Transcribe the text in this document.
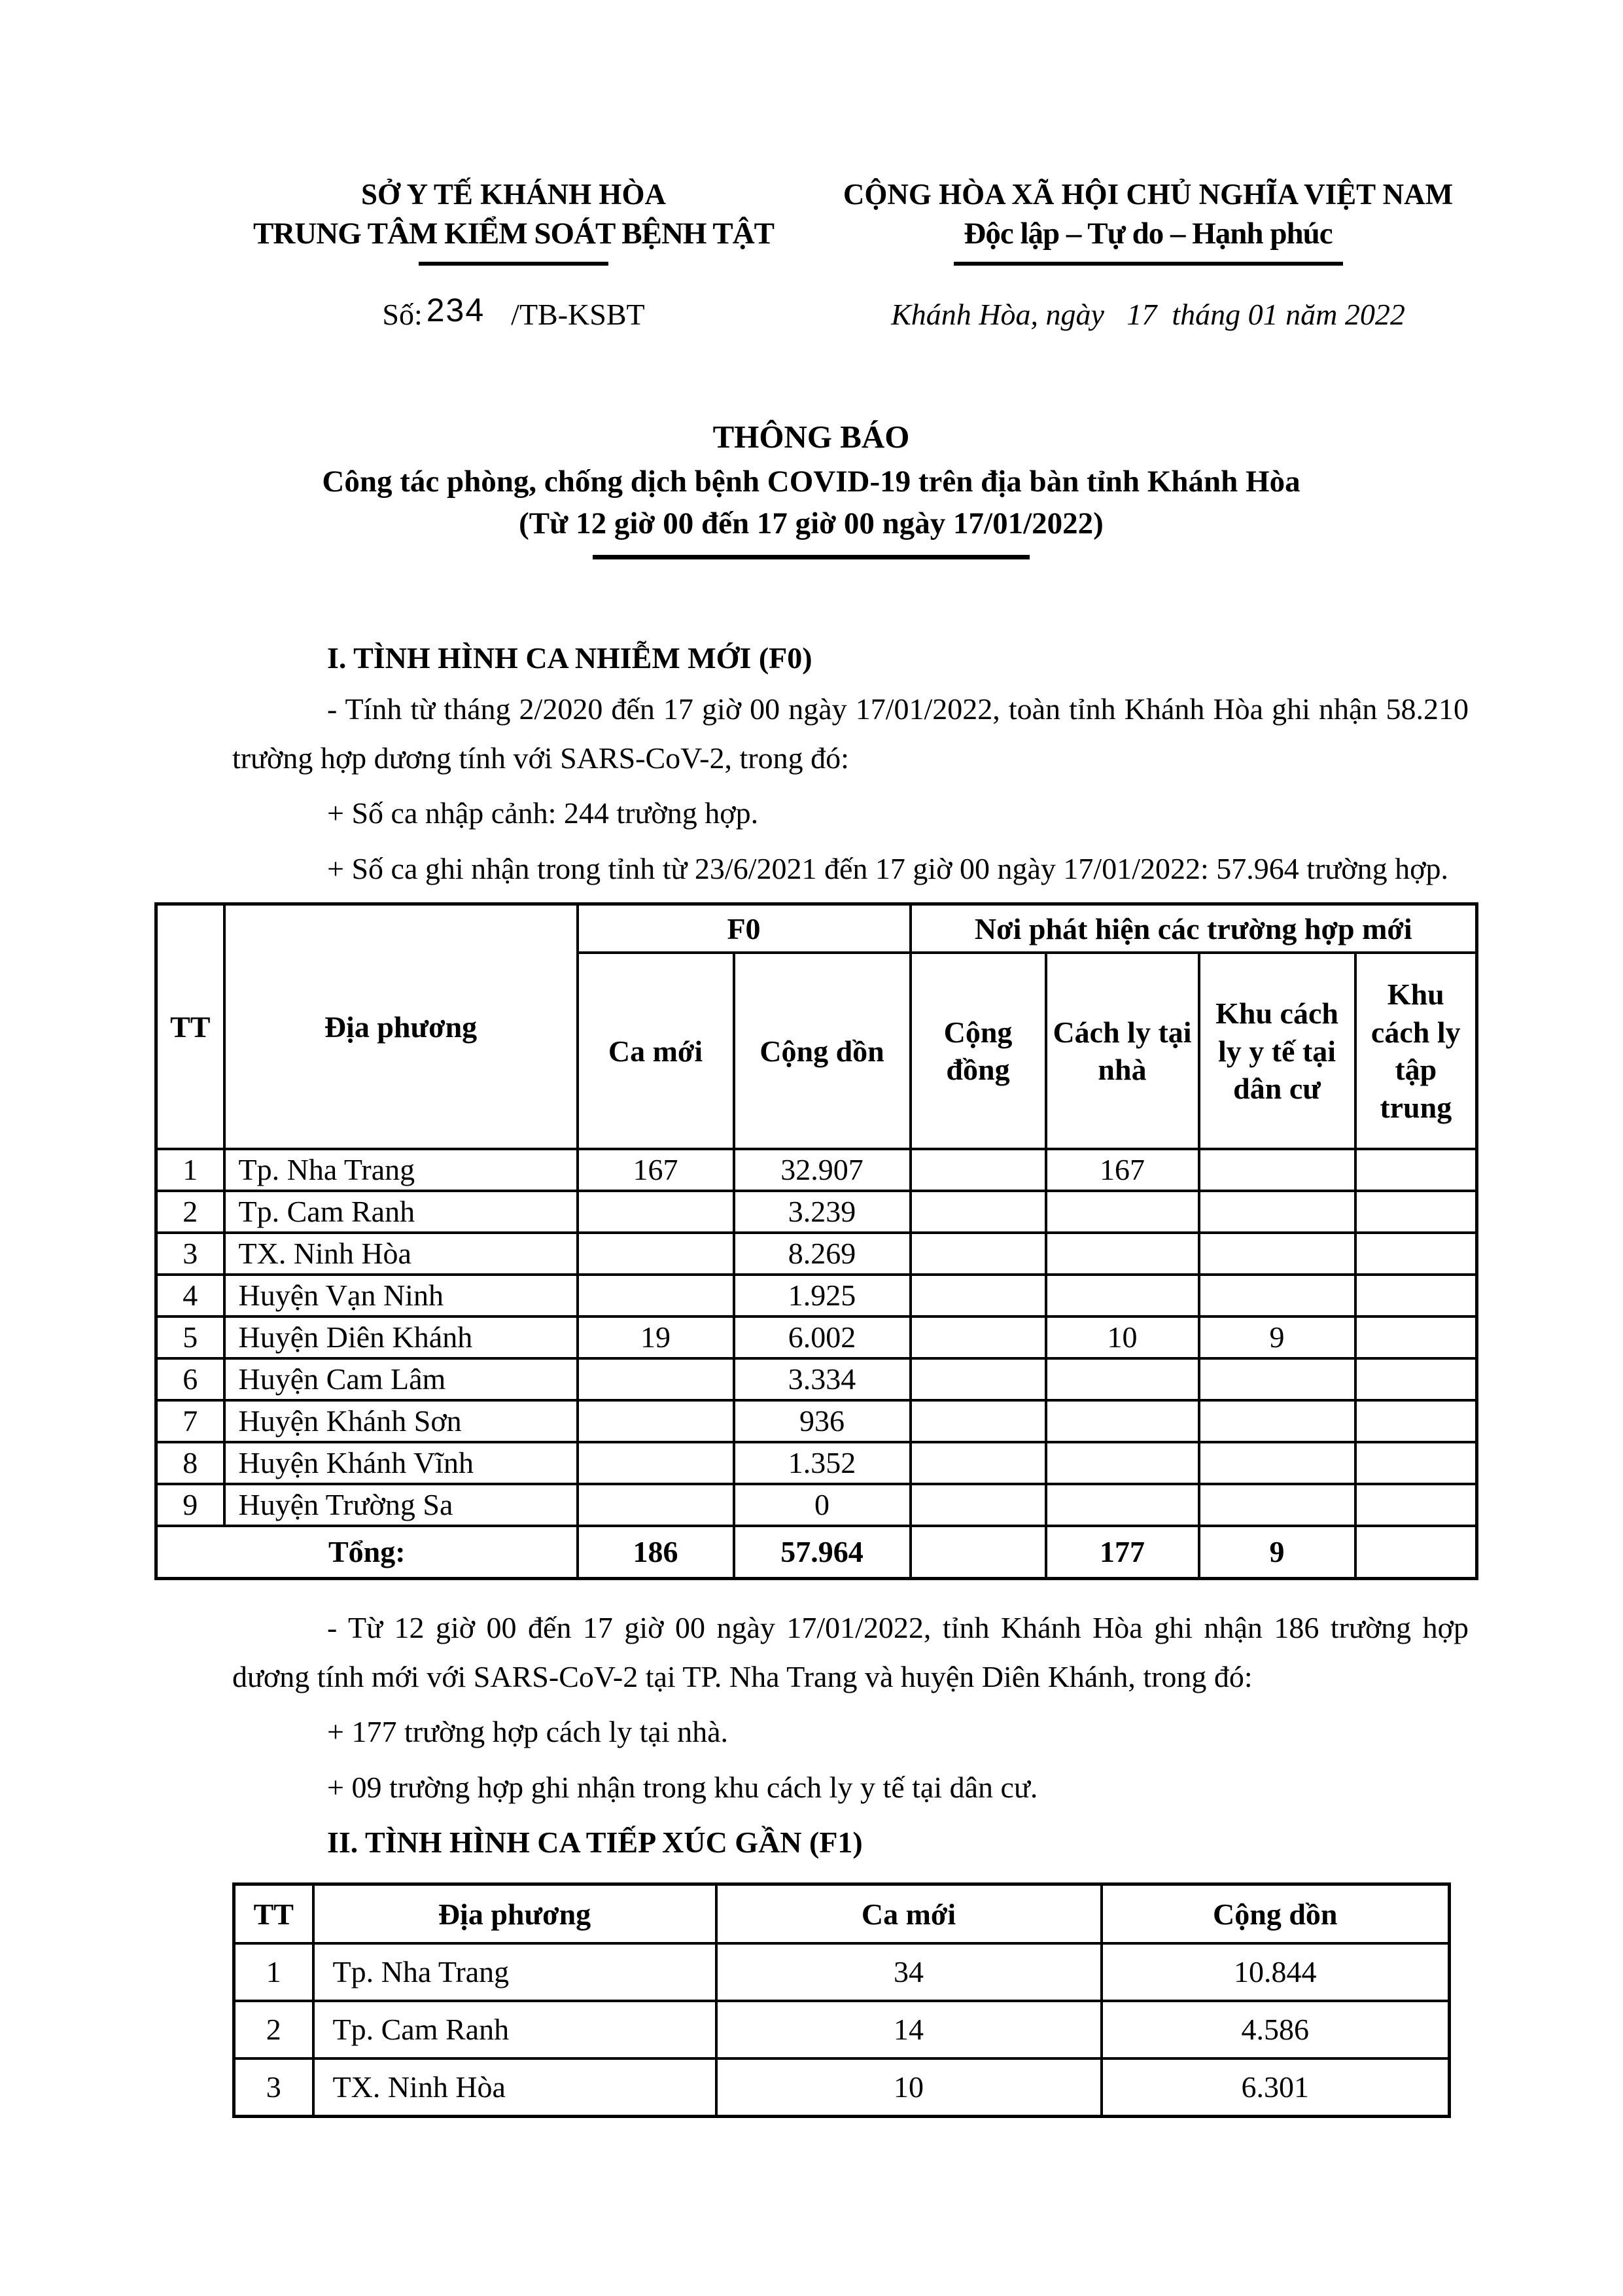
SỞ Y TẾ KHÁNH HÒA
TRUNG TÂM KIỂM SOÁT BỆNH TẬT
CỘNG HÒA XÃ HỘI CHỦ NGHĨA VIỆT NAM
Độc lập – Tự do – Hạnh phúc
Số: 234 /TB-KSBT	Khánh Hòa, ngày   17  tháng 01 năm 2022
THÔNG BÁO
Công tác phòng, chống dịch bệnh COVID-19 trên địa bàn tỉnh Khánh Hòa
(Từ 12 giờ 00 đến 17 giờ 00 ngày 17/01/2022)
I. TÌNH HÌNH CA NHIỄM MỚI (F0)

- Tính từ tháng 2/2020 đến 17 giờ 00 ngày 17/01/2022, toàn tỉnh Khánh Hòa ghi nhận 58.210 trường hợp dương tính với SARS-CoV-2, trong đó:

+ Số ca nhập cảnh: 244 trường hợp.

+ Số ca ghi nhận trong tỉnh từ 23/6/2021 đến 17 giờ 00 ngày 17/01/2022: 57.964 trường hợp.

TT	Địa phương	F0		Nơi phát hiện các trường hợp mới			
		Ca mới	Cộng dồn	Cộng đồng	Cách ly tại nhà	Khu cách ly y tế tại dân cư	Khu cách ly tập trung
1	Tp. Nha Trang	167	32.907		167		
2	Tp. Cam Ranh		3.239				
3	TX. Ninh Hòa		8.269				
4	Huyện Vạn Ninh		1.925				
5	Huyện Diên Khánh	19	6.002		10	9	
6	Huyện Cam Lâm		3.334				
7	Huyện Khánh Sơn		936				
8	Huyện Khánh Vĩnh		1.352				
9	Huyện Trường Sa		0				
Tổng:		186	57.964		177	9	

- Từ 12 giờ 00 đến 17 giờ 00 ngày 17/01/2022, tỉnh Khánh Hòa ghi nhận 186 trường hợp dương tính mới với SARS-CoV-2 tại TP. Nha Trang và huyện Diên Khánh, trong đó:

+ 177 trường hợp cách ly tại nhà.

+ 09 trường hợp ghi nhận trong khu cách ly y tế tại dân cư.

II. TÌNH HÌNH CA TIẾP XÚC GẦN (F1)
TT	Địa phương	Ca mới	Cộng dồn
1	Tp. Nha Trang	34	10.844
2	Tp. Cam Ranh	14	4.586
3	TX. Ninh Hòa	10	6.301
